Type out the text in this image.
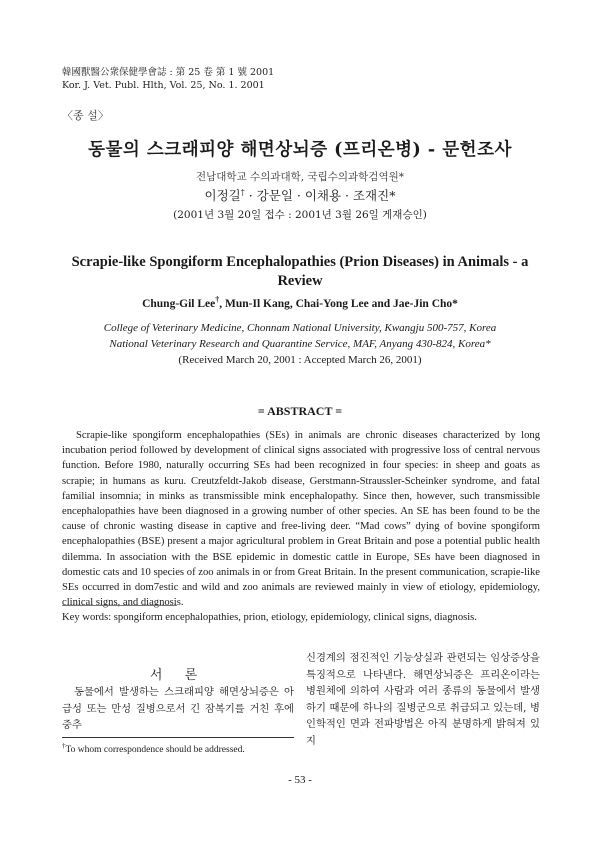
韓國獸醫公衆保健學會誌 : 第 25 卷 第 1 號 2001
Kor. J. Vet. Publ. Hlth, Vol. 25, No. 1. 2001
〈종 설〉
동물의 스크래피양 해면상뇌증 (프리온병) - 문헌조사
전남대학교 수의과대학, 국립수의과학검역원*
이정길† · 강문일 · 이채용 · 조재진*
(2001년 3월 20일 접수 : 2001년 3월 26일 게재승인)
Scrapie-like Spongiform Encephalopathies (Prion Diseases) in Animals - a Review
Chung-Gil Lee†, Mun-Il Kang, Chai-Yong Lee and Jae-Jin Cho*
College of Veterinary Medicine, Chonnam National University, Kwangju 500-757, Korea
National Veterinary Research and Quarantine Service, MAF, Anyang 430-824, Korea*
(Received March 20, 2001 : Accepted March 26, 2001)
= ABSTRACT =
Scrapie-like spongiform encephalopathies (SEs) in animals are chronic diseases characterized by long incubation period followed by development of clinical signs associated with progressive loss of central nervous function. Before 1980, naturally occurring SEs had been recognized in four species: in sheep and goats as scrapie; in humans as kuru. Creutzfeldt-Jakob disease, Gerstmann-Straussler-Scheinker syndrome, and fatal familial insomnia; in minks as transmissible mink encephalopathy. Since then, however, such transmissible encephalopathies have been diagnosed in a growing number of other species. An SE has been found to be the cause of chronic wasting disease in captive and free-living deer. “Mad cows” dying of bovine spongiform encephalopathies (BSE) present a major agricultural problem in Great Britain and pose a potential public health dilemma. In association with the BSE epidemic in domestic cattle in Europe, SEs have been diagnosed in domestic cats and 10 species of zoo animals in or from Great Britain. In the present communication, scrapie-like SEs occurred in dom7estic and wild and zoo animals are reviewed mainly in view of etiology, epidemiology, clinical signs, and diagnosis.
Key words: spongiform encephalopathies, prion, etiology, epidemiology, clinical signs, diagnosis.
서 론
동물에서 발생하는 스크래피양 해면상뇌증은 아급성 또는 만성 질병으로서 긴 잠복기를 거친 후에 중추
신경계의 점진적인 기능상실과 관련되는 임상증상을 특징적으로 나타낸다. 해면상뇌증은 프리온이라는 병원체에 의하여 사람과 여러 종류의 동물에서 발생하기 때문에 하나의 질병군으로 취급되고 있는데, 병인학적인 면과 전파방법은 아직 분명하게 밝혀져 있지
†To whom correspondence should be addressed.
- 53 -
